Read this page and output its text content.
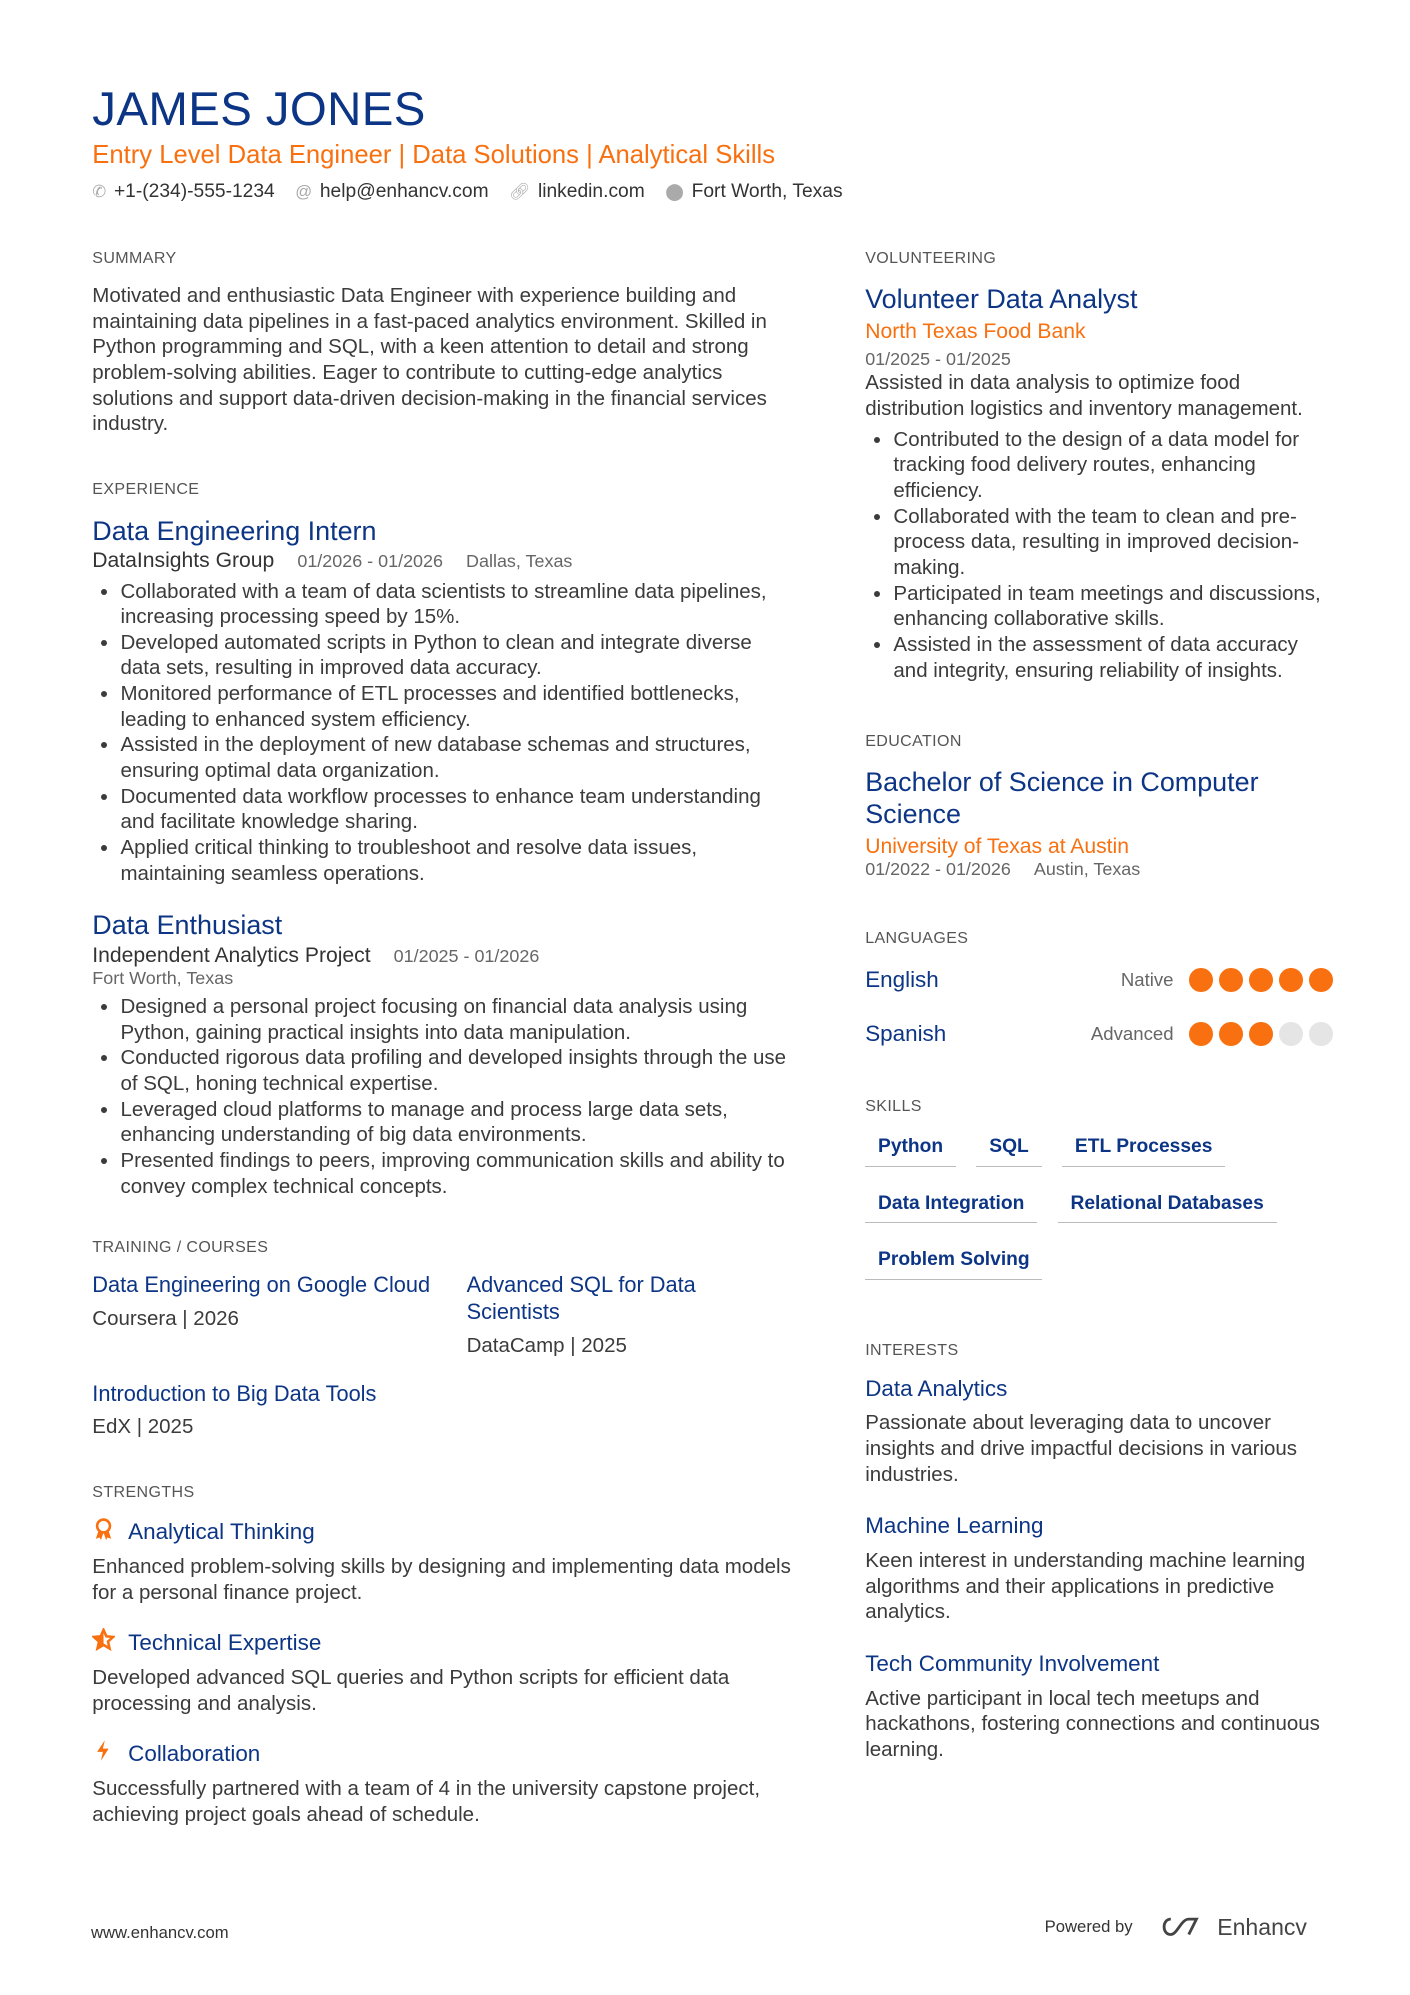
JAMES JONES
Entry Level Data Engineer | Data Solutions | Analytical Skills
✆ +1-(234)-555-1234 @ help@enhancv.com 🔗︎ linkedin.com ⬤ Fort Worth, Texas
SUMMARY

Motivated and enthusiastic Data Engineer with experience building and maintaining data pipelines in a fast-paced analytics environment. Skilled in Python programming and SQL, with a keen attention to detail and strong problem-solving abilities. Eager to contribute to cutting-edge analytics solutions and support data-driven decision-making in the financial services industry.

EXPERIENCE
Data Engineering Intern
DataInsights Group 01/2026 - 01/2026 Dallas, Texas
• Collaborated with a team of data scientists to streamline data pipelines, increasing processing speed by 15%.
• Developed automated scripts in Python to clean and integrate diverse data sets, resulting in improved data accuracy.
• Monitored performance of ETL processes and identified bottlenecks, leading to enhanced system efficiency.
• Assisted in the deployment of new database schemas and structures, ensuring optimal data organization.
• Documented data workflow processes to enhance team understanding and facilitate knowledge sharing.
• Applied critical thinking to troubleshoot and resolve data issues, maintaining seamless operations.
Data Enthusiast
Independent Analytics Project 01/2025 - 01/2026
Fort Worth, Texas
• Designed a personal project focusing on financial data analysis using Python, gaining practical insights into data manipulation.
• Conducted rigorous data profiling and developed insights through the use of SQL, honing technical expertise.
• Leveraged cloud platforms to manage and process large data sets, enhancing understanding of big data environments.
• Presented findings to peers, improving communication skills and ability to convey complex technical concepts.
TRAINING / COURSES
Data Engineering on Google Cloud
Coursera | 2026
Advanced SQL for Data Scientists
DataCamp | 2025
Introduction to Big Data Tools
EdX | 2025
STRENGTHS
Analytical Thinking

Enhanced problem-solving skills by designing and implementing data models for a personal finance project.

Technical Expertise

Developed advanced SQL queries and Python scripts for efficient data processing and analysis.

Collaboration

Successfully partnered with a team of 4 in the university capstone project, achieving project goals ahead of schedule.

VOLUNTEERING
Volunteer Data Analyst
North Texas Food Bank
01/2025 - 01/2025

Assisted in data analysis to optimize food distribution logistics and inventory management.

• Contributed to the design of a data model for tracking food delivery routes, enhancing efficiency.
• Collaborated with the team to clean and pre-process data, resulting in improved decision-making.
• Participated in team meetings and discussions, enhancing collaborative skills.
• Assisted in the assessment of data accuracy and integrity, ensuring reliability of insights.
EDUCATION
Bachelor of Science in Computer Science
University of Texas at Austin
01/2022 - 01/2026 Austin, Texas
LANGUAGES
English	Native
Spanish	Advanced
SKILLS
Python	SQL	ETL Processes
Data Integration	Relational Databases
Problem Solving
INTERESTS
Data Analytics

Passionate about leveraging data to uncover insights and drive impactful decisions in various industries.

Machine Learning

Keen interest in understanding machine learning algorithms and their applications in predictive analytics.

Tech Community Involvement

Active participant in local tech meetups and hackathons, fostering connections and continuous learning.

www.enhancv.com	Powered by	Enhancv
